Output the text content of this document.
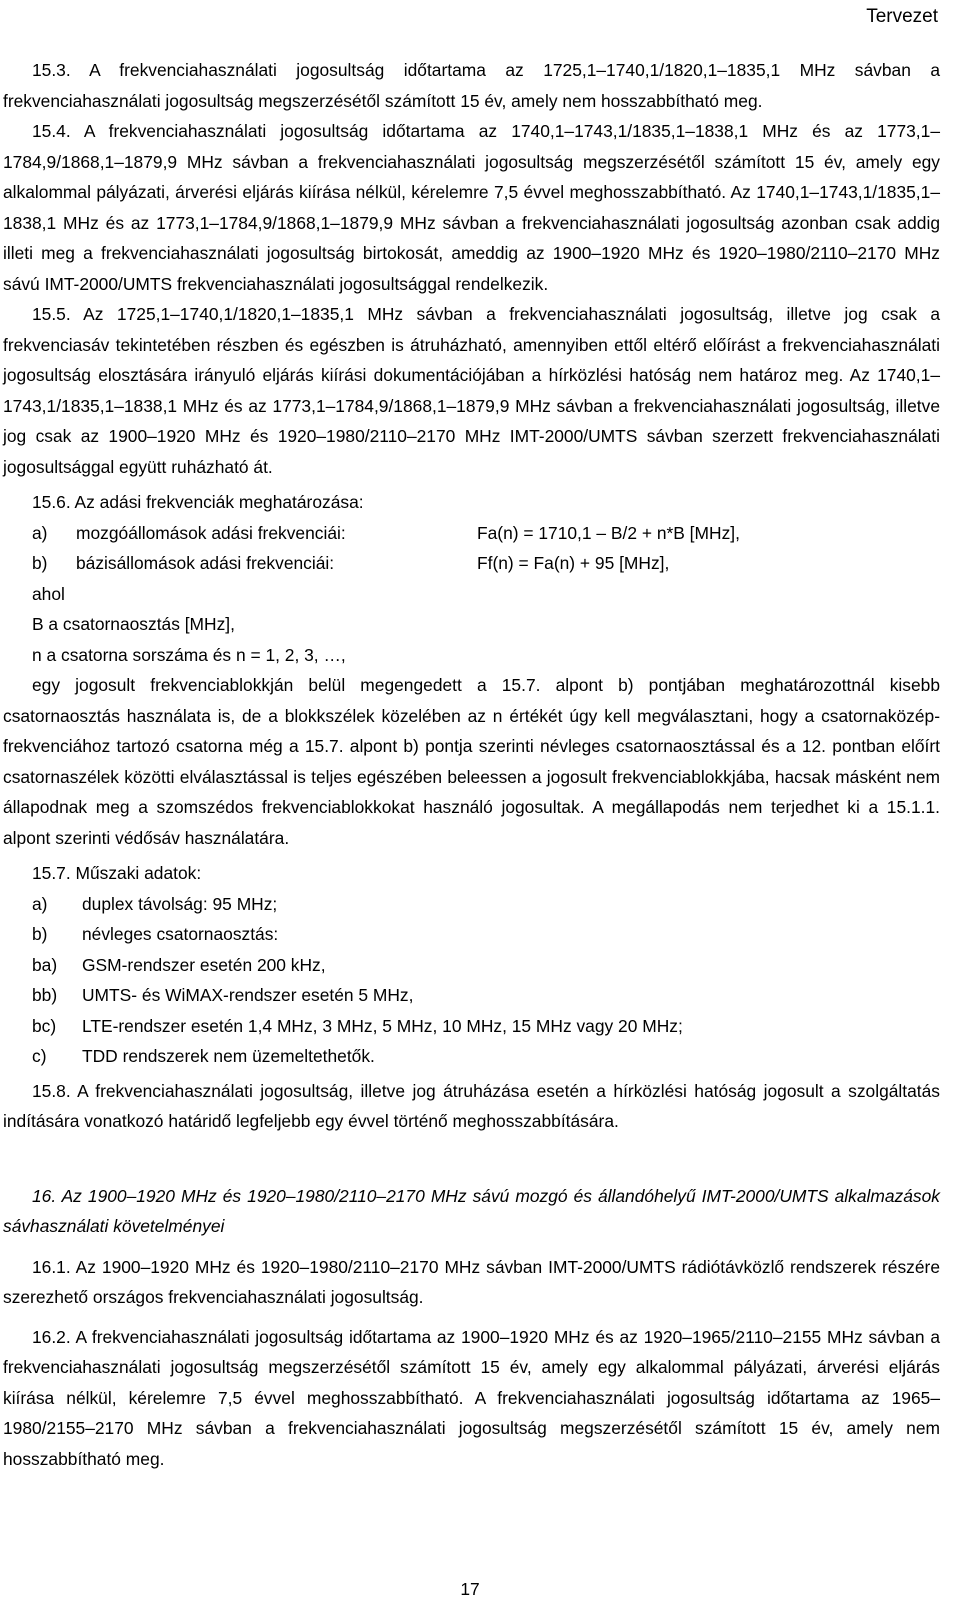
Tervezet

15.3. A frekvenciahasználati jogosultság időtartama az 1725,1–1740,1/1820,1–1835,1 MHz sávban a frekvenciahasználati jogosultság megszerzésétől számított 15 év, amely nem hosszabbítható meg.

15.4. A frekvenciahasználati jogosultság időtartama az 1740,1–1743,1/1835,1–1838,1 MHz és az 1773,1–1784,9/1868,1–1879,9 MHz sávban a frekvenciahasználati jogosultság megszerzésétől számított 15 év, amely egy alkalommal pályázati, árverési eljárás kiírása nélkül, kérelemre 7,5 évvel meghosszabbítható. Az 1740,1–1743,1/1835,1–1838,1 MHz és az 1773,1–1784,9/1868,1–1879,9 MHz sávban a frekvenciahasználati jogosultság azonban csak addig illeti meg a frekvenciahasználati jogosultság birtokosát, ameddig az 1900–1920 MHz és 1920–1980/2110–2170 MHz sávú IMT-2000/UMTS frekvenciahasználati jogosultsággal rendelkezik.

15.5. Az 1725,1–1740,1/1820,1–1835,1 MHz sávban a frekvenciahasználati jogosultság, illetve jog csak a frekvenciasáv tekintetében részben és egészben is átruházható, amennyiben ettől eltérő előírást a frekvenciahasználati jogosultság elosztására irányuló eljárás kiírási dokumentációjában a hírközlési hatóság nem határoz meg. Az 1740,1–1743,1/1835,1–1838,1 MHz és az 1773,1–1784,9/1868,1–1879,9 MHz sávban a frekvenciahasználati jogosultság, illetve jog csak az 1900–1920 MHz és 1920–1980/2110–2170 MHz IMT-2000/UMTS sávban szerzett frekvenciahasználati jogosultsággal együtt ruházható át.

15.6. Az adási frekvenciák meghatározása:

a)	mozgóállomások adási frekvenciái:	Fa(n) = 1710,1 – B/2 + n*B [MHz],
b)	bázisállomások adási frekvenciái:	Ff(n) = Fa(n) + 95 [MHz],

ahol

B a csatornaosztás [MHz],

n a csatorna sorszáma és n = 1, 2, 3, …,

egy jogosult frekvenciablokkján belül megengedett a 15.7. alpont b) pontjában meghatározottnál kisebb csatornaosztás használata is, de a blokkszélek közelében az n értékét úgy kell megválasztani, hogy a csatornaközép-frekvenciához tartozó csatorna még a 15.7. alpont b) pontja szerinti névleges csatornaosztással és a 12. pontban előírt csatornaszélek közötti elválasztással is teljes egészében beleessen a jogosult frekvenciablokkjába, hacsak másként nem állapodnak meg a szomszédos frekvenciablokkokat használó jogosultak. A megállapodás nem terjedhet ki a 15.1.1. alpont szerinti védősáv használatára.

15.7. Műszaki adatok:

a)	duplex távolság: 95 MHz;
b)	névleges csatornaosztás:
ba)	GSM-rendszer esetén 200 kHz,
bb)	UMTS- és WiMAX-rendszer esetén 5 MHz,
bc)	LTE-rendszer esetén 1,4 MHz, 3 MHz, 5 MHz, 10 MHz, 15 MHz vagy 20 MHz;
c)	TDD rendszerek nem üzemeltethetők.

15.8. A frekvenciahasználati jogosultság, illetve jog átruházása esetén a hírközlési hatóság jogosult a szolgáltatás indítására vonatkozó határidő legfeljebb egy évvel történő meghosszabbítására.

16. Az 1900–1920 MHz és 1920–1980/2110–2170 MHz sávú mozgó és állandóhelyű IMT-2000/UMTS alkalmazások sávhasználati követelményei

16.1. Az 1900–1920 MHz és 1920–1980/2110–2170 MHz sávban IMT-2000/UMTS rádiótávközlő rendszerek részére szerezhető országos frekvenciahasználati jogosultság.

16.2. A frekvenciahasználati jogosultság időtartama az 1900–1920 MHz és az 1920–1965/2110–2155 MHz sávban a frekvenciahasználati jogosultság megszerzésétől számított 15 év, amely egy alkalommal pályázati, árverési eljárás kiírása nélkül, kérelemre 7,5 évvel meghosszabbítható. A frekvenciahasználati jogosultság időtartama az 1965–1980/2155–2170 MHz sávban a frekvenciahasználati jogosultság megszerzésétől számított 15 év, amely nem hosszabbítható meg.

17
